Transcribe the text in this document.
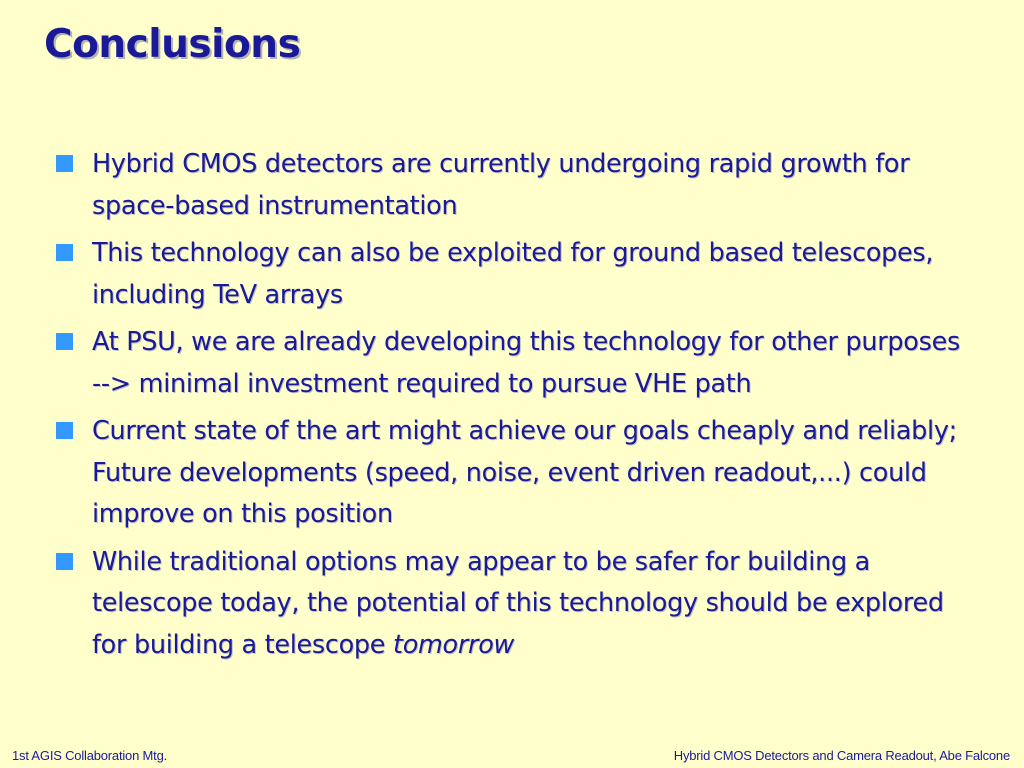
Conclusions
Hybrid CMOS detectors are currently undergoing rapid growth for space-based instrumentation
This technology can also be exploited for ground based telescopes, including TeV arrays
At PSU, we are already developing this technology for other purposes --> minimal investment required to pursue VHE path
Current state of the art might achieve our goals cheaply and reliably; Future developments (speed, noise, event driven readout,...) could improve on this position
While traditional options may appear to be safer for building a telescope today, the potential of this technology should be explored for building a telescope tomorrow
1st AGIS Collaboration Mtg.	Hybrid CMOS Detectors and Camera Readout, Abe Falcone
